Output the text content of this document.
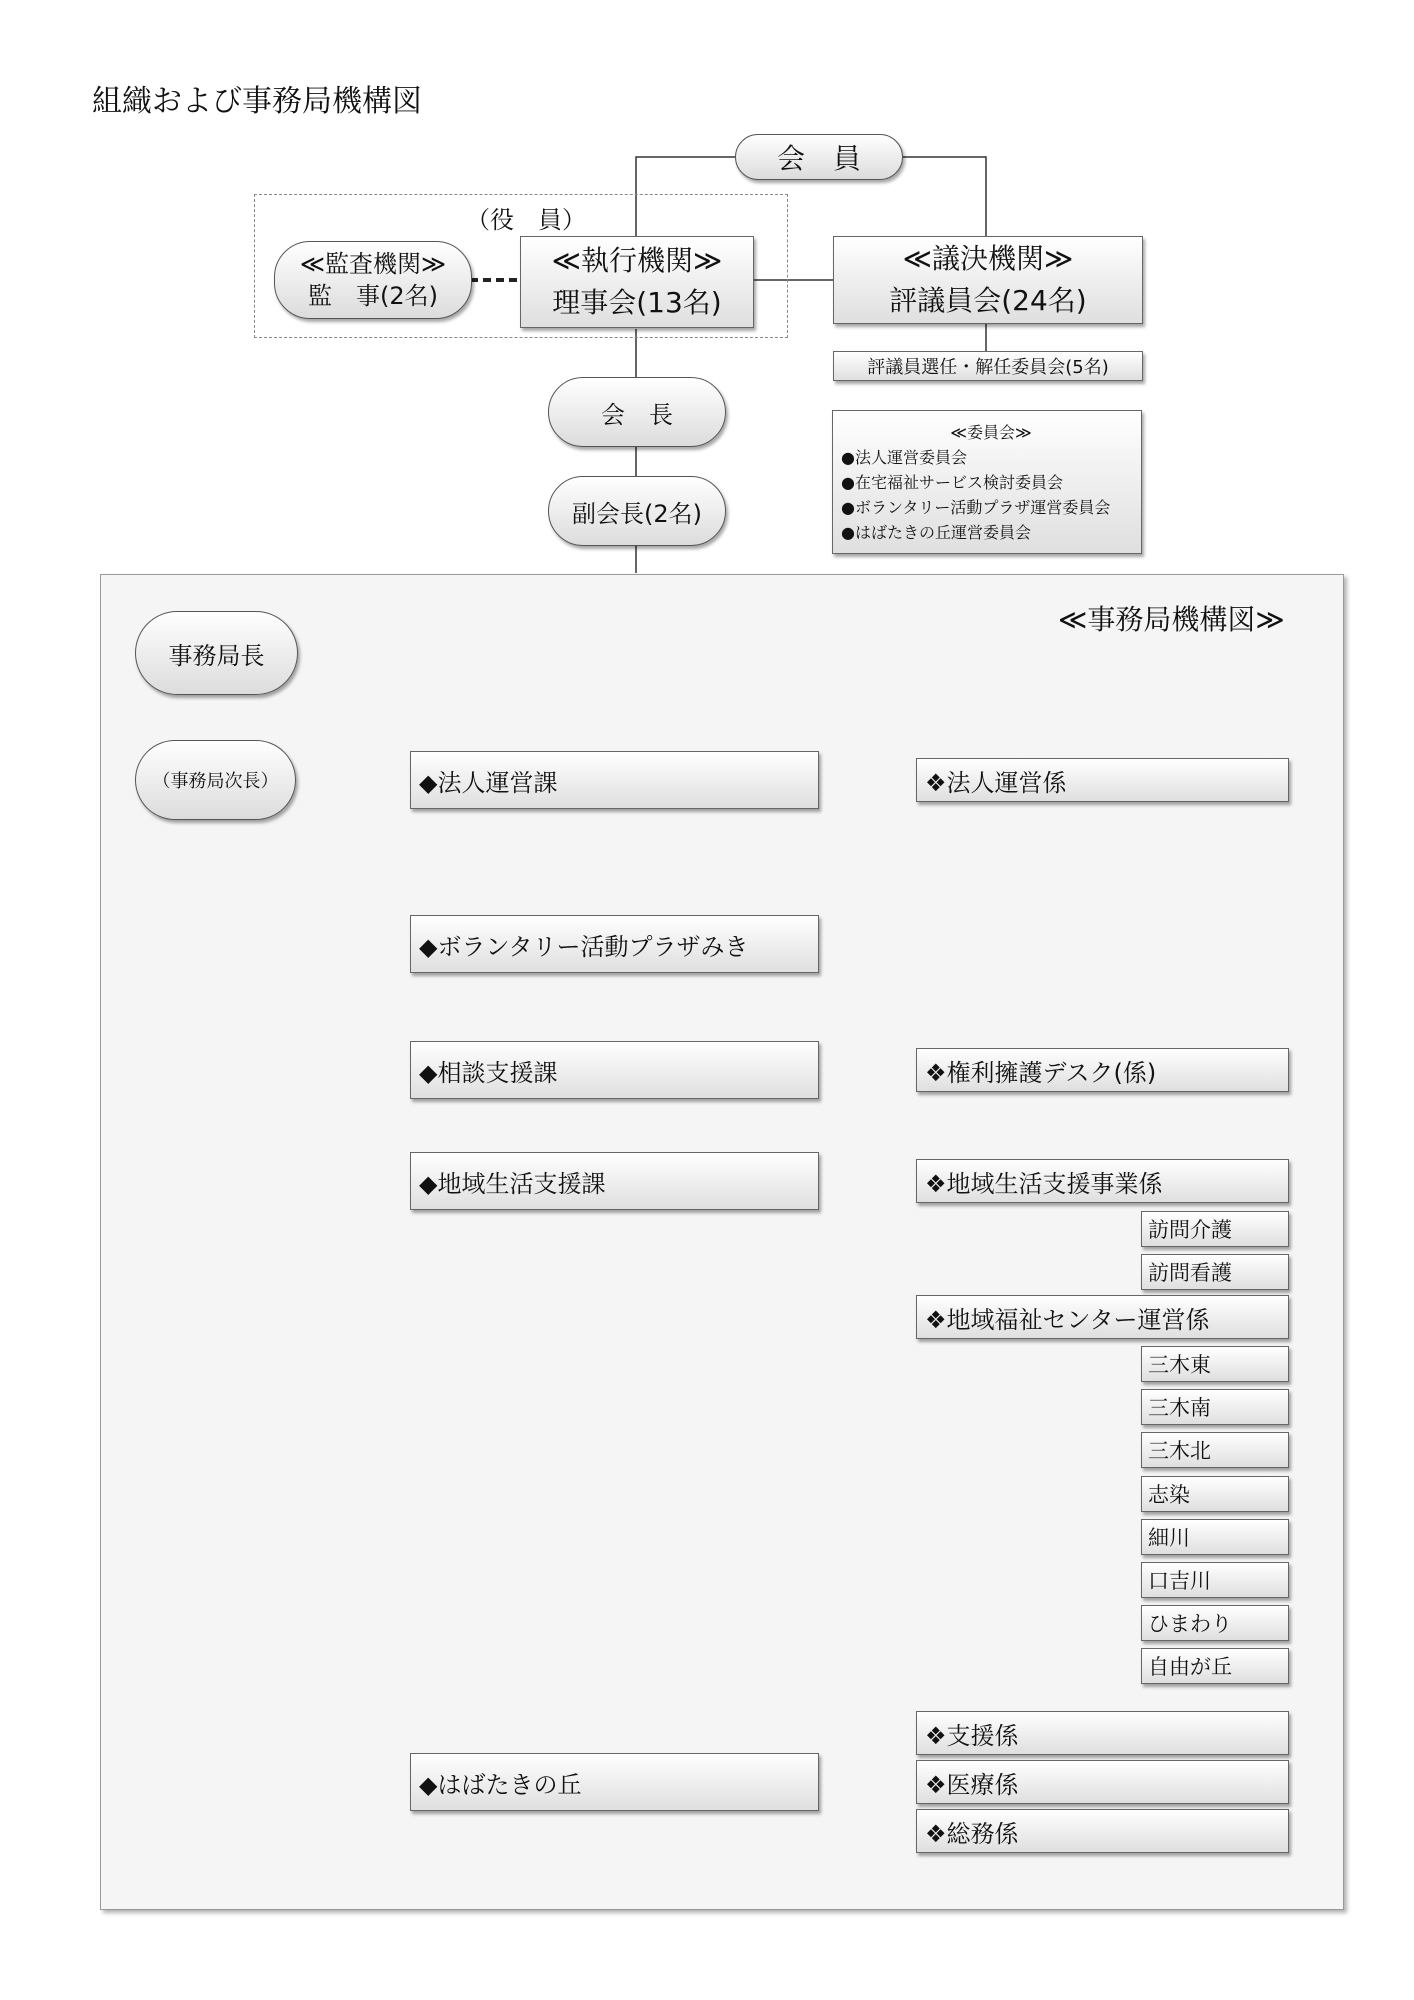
組織および事務局機構図
（役　員）
会　員
≪監査機関≫
監　事(2名)
≪執行機関≫
理事会(13名)
≪議決機関≫
評議員会(24名)
評議員選任・解任委員会(5名)
会　長
副会長(2名)
≪委員会≫
●法人運営委員会
●在宅福祉サービス検討委員会
●ボランタリー活動プラザ運営委員会
●はばたきの丘運営委員会
≪事務局機構図≫
事務局長
（事務局次長）	◆法人運営課
◆ボランタリー活動プラザみき
◆相談支援課
◆地域生活支援課
◆はばたきの丘
❖法人運営係
❖権利擁護デスク(係)
❖地域生活支援事業係
訪問介護
訪問看護
❖地域福祉センター運営係
三木東
三木南
三木北
志染
細川
口吉川
ひまわり
自由が丘
❖支援係
❖医療係
❖総務係
